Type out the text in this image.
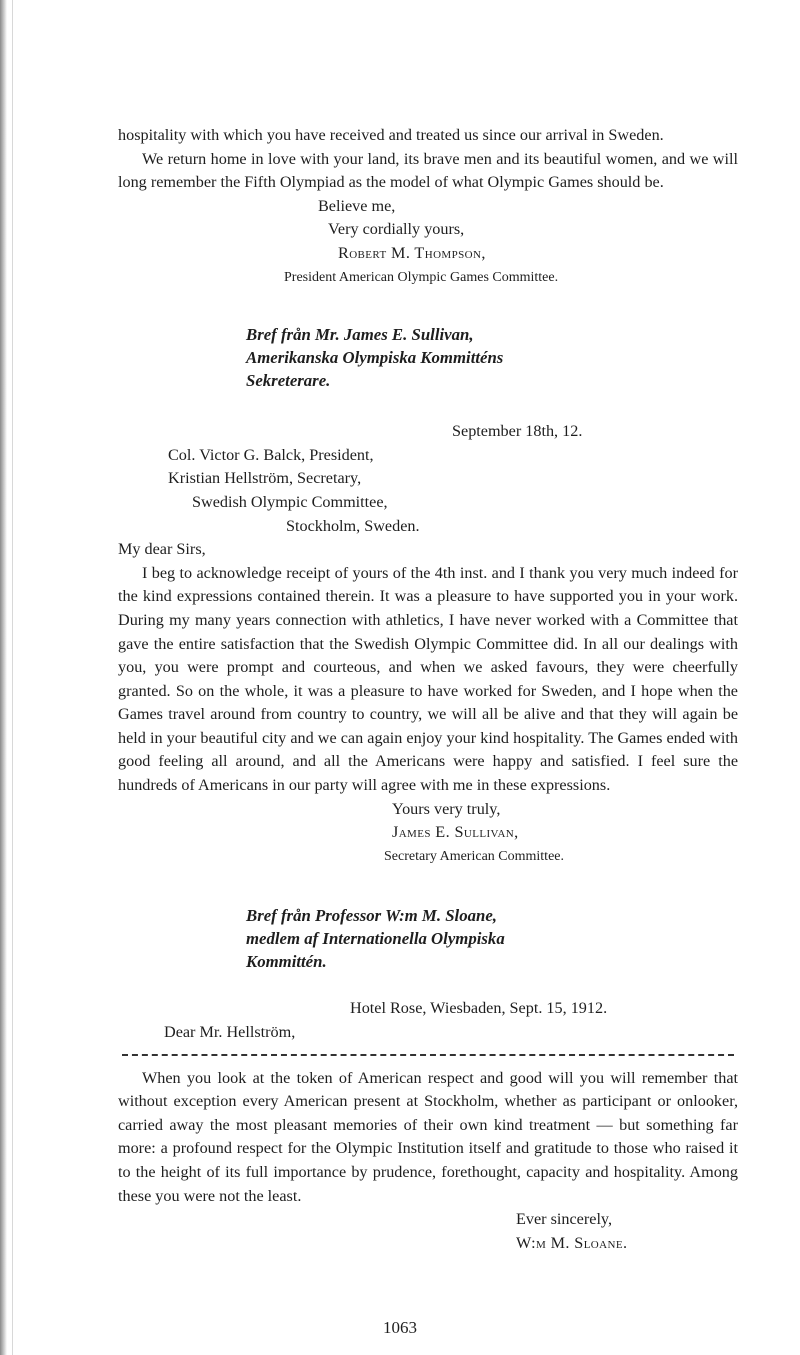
hospitality with which you have received and treated us since our arrival in Sweden.

We return home in love with your land, its brave men and its beautiful women, and we will long remember the Fifth Olympiad as the model of what Olympic Games should be.

Believe me,

Very cordially yours,

Robert M. Thompson,

President American Olympic Games Committee.

Bref från Mr. James E. Sullivan,

Amerikanska Olympiska Kommitténs

Sekreterare.

September 18th, 12.

Col. Victor G. Balck, President,

Kristian Hellström, Secretary,

Swedish Olympic Committee,

Stockholm, Sweden.

My dear Sirs,

I beg to acknowledge receipt of yours of the 4th inst. and I thank you very much indeed for the kind expressions contained therein. It was a pleasure to have supported you in your work. During my many years connection with athletics, I have never worked with a Committee that gave the entire satisfaction that the Swedish Olympic Committee did. In all our dealings with you, you were prompt and courteous, and when we asked favours, they were cheerfully granted. So on the whole, it was a pleasure to have worked for Sweden, and I hope when the Games travel around from country to country, we will all be alive and that they will again be held in your beautiful city and we can again enjoy your kind hospitality. The Games ended with good feeling all around, and all the Americans were happy and satisfied. I feel sure the hundreds of Americans in our party will agree with me in these expressions.

Yours very truly,

James E. Sullivan,

Secretary American Committee.

Bref från Professor W:m M. Sloane,

medlem af Internationella Olympiska

Kommittén.

Hotel Rose, Wiesbaden, Sept. 15, 1912.

Dear Mr. Hellström,

When you look at the token of American respect and good will you will remember that without exception every American present at Stockholm, whether as participant or onlooker, carried away the most pleasant memories of their own kind treatment — but something far more: a profound respect for the Olympic Institution itself and gratitude to those who raised it to the height of its full importance by prudence, forethought, capacity and hospitality. Among these you were not the least.

Ever sincerely,

W:m M. Sloane.

1063
